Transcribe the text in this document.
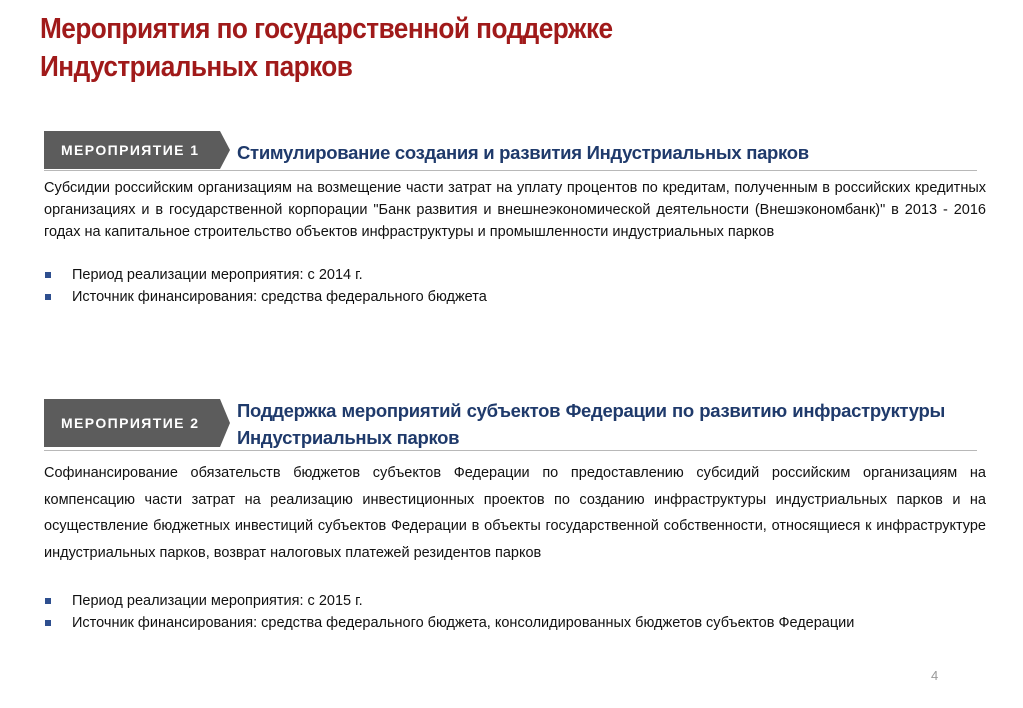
Мероприятия по государственной поддержке
Индустриальных парков
МЕРОПРИЯТИЕ 1	Стимулирование создания и развития Индустриальных парков

Субсидии российским организациям на возмещение части затрат на уплату процентов по кредитам, полученным в российских кредитных организациях и в государственной корпорации "Банк развития и внешнеэкономической деятельности (Внешэкономбанк)" в 2013 - 2016 годах на капитальное строительство объектов инфраструктуры и промышленности индустриальных парков

Период реализации мероприятия: с 2014 г.
Источник финансирования: средства федерального бюджета
МЕРОПРИЯТИЕ 2
Поддержка мероприятий субъектов Федерации по развитию инфраструктуры Индустриальных парков

Софинансирование обязательств бюджетов субъектов Федерации по предоставлению субсидий российским организациям на компенсацию части затрат на реализацию инвестиционных проектов по созданию инфраструктуры индустриальных парков и на осуществление бюджетных инвестиций субъектов Федерации в объекты государственной собственности, относящиеся к инфраструктуре индустриальных парков, возврат налоговых платежей резидентов парков

Период реализации мероприятия: с 2015 г.
Источник финансирования: средства федерального бюджета, консолидированных бюджетов субъектов Федерации
4
